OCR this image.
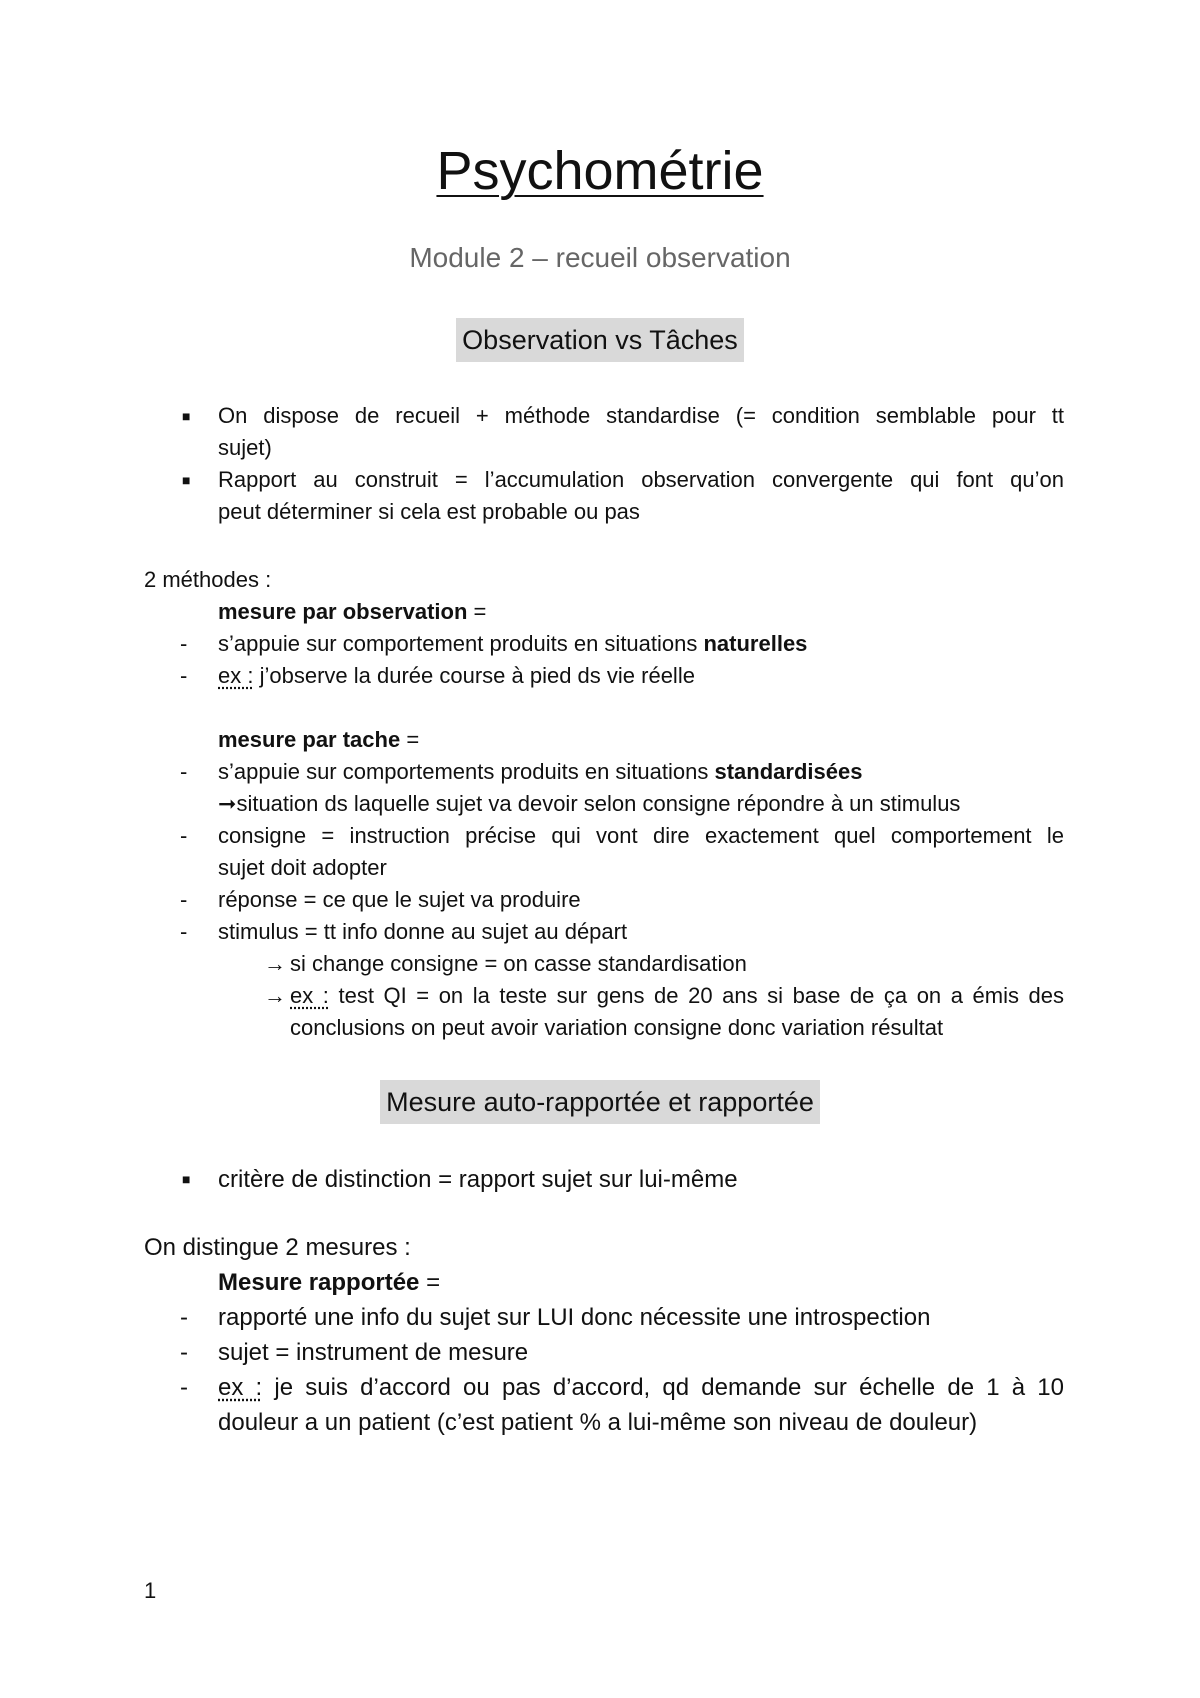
Psychométrie

Module 2 – recueil observation

Observation vs Tâches
■ On dispose de recueil + méthode standardise (= condition semblable pour tt
sujet)
■ Rapport au construit = l’accumulation observation convergente qui font qu’on
peut déterminer si cela est probable ou pas
2 méthodes :
mesure par observation =
- s’appuie sur comportement produits en situations naturelles
- ex : j’observe la durée course à pied ds vie réelle
mesure par tache =
- s’appuie sur comportements produits en situations standardisées
➞situation ds laquelle sujet va devoir selon consigne répondre à un stimulus
- consigne = instruction précise qui vont dire exactement quel comportement le
sujet doit adopter
- réponse = ce que le sujet va produire
- stimulus = tt info donne au sujet au départ
→ si change consigne = on casse standardisation
→ ex : test QI = on la teste sur gens de 20 ans si base de ça on a émis des
conclusions on peut avoir variation consigne donc variation résultat
Mesure auto-rapportée et rapportée
■ critère de distinction = rapport sujet sur lui-même
On distingue 2 mesures :
Mesure rapportée =
- rapporté une info du sujet sur LUI donc nécessite une introspection
- sujet = instrument de mesure
- ex : je suis d’accord ou pas d’accord, qd demande sur échelle de 1 à 10
douleur a un patient (c’est patient % a lui-même son niveau de douleur)
1
